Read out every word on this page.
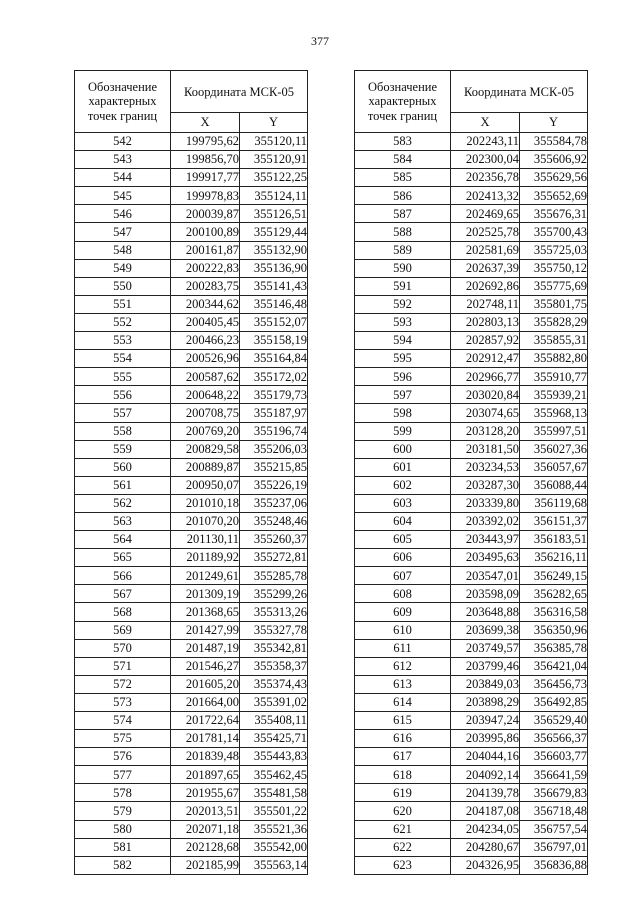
377
Обозначение характерных точек границ	Координата МСК-05	
	X	Y
542	199795,62	355120,11
543	199856,70	355120,91
544	199917,77	355122,25
545	199978,83	355124,11
546	200039,87	355126,51
547	200100,89	355129,44
548	200161,87	355132,90
549	200222,83	355136,90
550	200283,75	355141,43
551	200344,62	355146,48
552	200405,45	355152,07
553	200466,23	355158,19
554	200526,96	355164,84
555	200587,62	355172,02
556	200648,22	355179,73
557	200708,75	355187,97
558	200769,20	355196,74
559	200829,58	355206,03
560	200889,87	355215,85
561	200950,07	355226,19
562	201010,18	355237,06
563	201070,20	355248,46
564	201130,11	355260,37
565	201189,92	355272,81
566	201249,61	355285,78
567	201309,19	355299,26
568	201368,65	355313,26
569	201427,99	355327,78
570	201487,19	355342,81
571	201546,27	355358,37
572	201605,20	355374,43
573	201664,00	355391,02
574	201722,64	355408,11
575	201781,14	355425,71
576	201839,48	355443,83
577	201897,65	355462,45
578	201955,67	355481,58
579	202013,51	355501,22
580	202071,18	355521,36
581	202128,68	355542,00
582	202185,99	355563,14
Обозначение характерных точек границ	Координата МСК-05	
	X	Y
583	202243,11	355584,78
584	202300,04	355606,92
585	202356,78	355629,56
586	202413,32	355652,69
587	202469,65	355676,31
588	202525,78	355700,43
589	202581,69	355725,03
590	202637,39	355750,12
591	202692,86	355775,69
592	202748,11	355801,75
593	202803,13	355828,29
594	202857,92	355855,31
595	202912,47	355882,80
596	202966,77	355910,77
597	203020,84	355939,21
598	203074,65	355968,13
599	203128,20	355997,51
600	203181,50	356027,36
601	203234,53	356057,67
602	203287,30	356088,44
603	203339,80	356119,68
604	203392,02	356151,37
605	203443,97	356183,51
606	203495,63	356216,11
607	203547,01	356249,15
608	203598,09	356282,65
609	203648,88	356316,58
610	203699,38	356350,96
611	203749,57	356385,78
612	203799,46	356421,04
613	203849,03	356456,73
614	203898,29	356492,85
615	203947,24	356529,40
616	203995,86	356566,37
617	204044,16	356603,77
618	204092,14	356641,59
619	204139,78	356679,83
620	204187,08	356718,48
621	204234,05	356757,54
622	204280,67	356797,01
623	204326,95	356836,88
